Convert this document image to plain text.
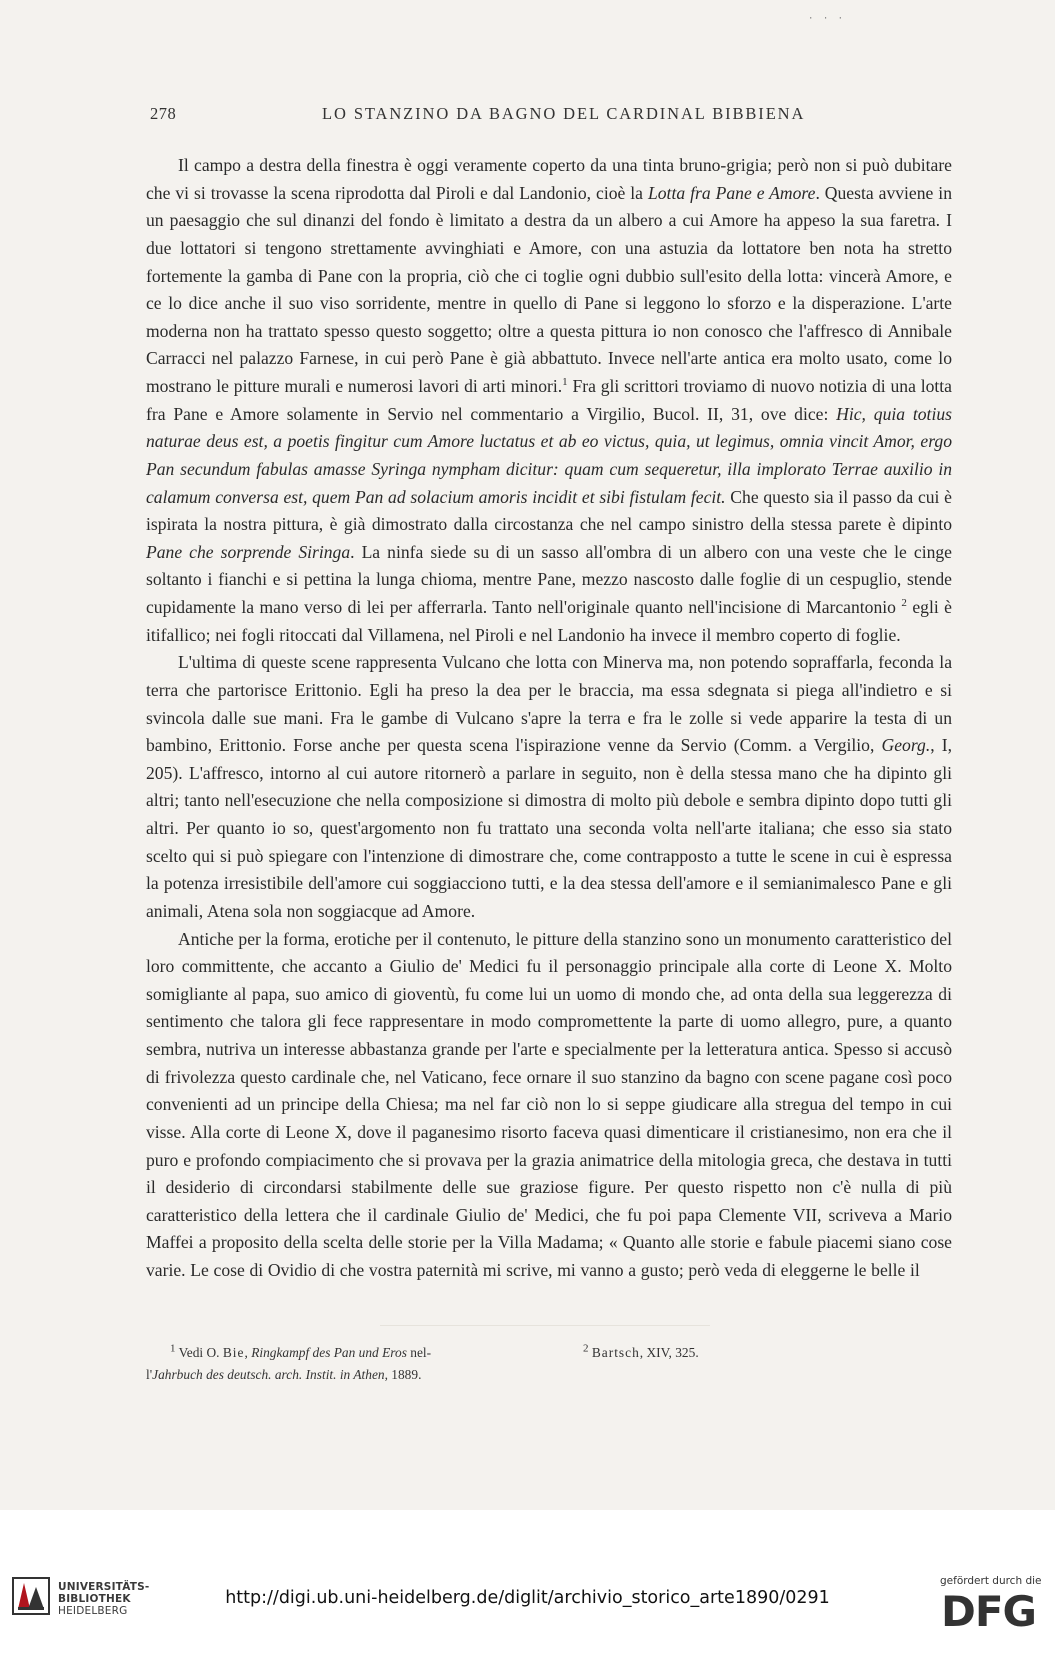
· · ·
278	LO STANZINO DA BAGNO DEL CARDINAL BIBBIENA

Il campo a destra della finestra è oggi veramente coperto da una tinta bruno-grigia; però non si può dubitare che vi si trovasse la scena riprodotta dal Piroli e dal Landonio, cioè la Lotta fra Pane e Amore. Questa avviene in un paesaggio che sul dinanzi del fondo è limitato a destra da un albero a cui Amore ha appeso la sua faretra. I due lottatori si tengono strettamente avvinghiati e Amore, con una astuzia da lottatore ben nota ha stretto fortemente la gamba di Pane con la propria, ciò che ci toglie ogni dubbio sull'esito della lotta: vincerà Amore, e ce lo dice anche il suo viso sorridente, mentre in quello di Pane si leggono lo sforzo e la disperazione. L'arte moderna non ha trattato spesso questo soggetto; oltre a questa pittura io non conosco che l'affresco di Annibale Carracci nel palazzo Farnese, in cui però Pane è già abbattuto. Invece nell'arte antica era molto usato, come lo mostrano le pitture murali e numerosi lavori di arti minori.$^1$ Fra gli scrittori troviamo di nuovo notizia di una lotta fra Pane e Amore solamente in Servio nel commentario a Virgilio, Bucol. II, 31, ove dice: Hic, quia totius naturae deus est, a poetis fingitur cum Amore luctatus et ab eo victus, quia, ut legimus, omnia vincit Amor, ergo Pan secundum fabulas amasse Syringa nympham dicitur: quam cum sequeretur, illa implorato Terrae auxilio in calamum conversa est, quem Pan ad solacium amoris incidit et sibi fistulam fecit. Che questo sia il passo da cui è ispirata la nostra pittura, è già dimostrato dalla circostanza che nel campo sinistro della stessa parete è dipinto Pane che sorprende Siringa. La ninfa siede su di un sasso all'ombra di un albero con una veste che le cinge soltanto i fianchi e si pettina la lunga chioma, mentre Pane, mezzo nascosto dalle foglie di un cespuglio, stende cupidamente la mano verso di lei per afferrarla. Tanto nell'originale quanto nell'incisione di Marcantonio $^2$ egli è itifallico; nei fogli ritoccati dal Villamena, nel Piroli e nel Landonio ha invece il membro coperto di foglie.

L'ultima di queste scene rappresenta Vulcano che lotta con Minerva ma, non potendo sopraffarla, feconda la terra che partorisce Erittonio. Egli ha preso la dea per le braccia, ma essa sdegnata si piega all'indietro e si svincola dalle sue mani. Fra le gambe di Vulcano s'apre la terra e fra le zolle si vede apparire la testa di un bambino, Erittonio. Forse anche per questa scena l'ispirazione venne da Servio (Comm. a Vergilio, Georg., I, 205). L'affresco, intorno al cui autore ritornerò a parlare in seguito, non è della stessa mano che ha dipinto gli altri; tanto nell'esecuzione che nella composizione si dimostra di molto più debole e sembra dipinto dopo tutti gli altri. Per quanto io so, quest'argomento non fu trattato una seconda volta nell'arte italiana; che esso sia stato scelto qui si può spiegare con l'intenzione di dimostrare che, come contrapposto a tutte le scene in cui è espressa la potenza irresistibile dell'amore cui soggiacciono tutti, e la dea stessa dell'amore e il semianimalesco Pane e gli animali, Atena sola non soggiacque ad Amore.

Antiche per la forma, erotiche per il contenuto, le pitture della stanzino sono un monumento caratteristico del loro committente, che accanto a Giulio de' Medici fu il personaggio principale alla corte di Leone X. Molto somigliante al papa, suo amico di gioventù, fu come lui un uomo di mondo che, ad onta della sua leggerezza di sentimento che talora gli fece rappresentare in modo compromettente la parte di uomo allegro, pure, a quanto sembra, nutriva un interesse abbastanza grande per l'arte e specialmente per la letteratura antica. Spesso si accusò di frivolezza questo cardinale che, nel Vaticano, fece ornare il suo stanzino da bagno con scene pagane così poco convenienti ad un principe della Chiesa; ma nel far ciò non lo si seppe giudicare alla stregua del tempo in cui visse. Alla corte di Leone X, dove il paganesimo risorto faceva quasi dimenticare il cristianesimo, non era che il puro e profondo compiacimento che si provava per la grazia animatrice della mitologia greca, che destava in tutti il desiderio di circondarsi stabilmente delle sue graziose figure. Per questo rispetto non c'è nulla di più caratteristico della lettera che il cardinale Giulio de' Medici, che fu poi papa Clemente VII, scriveva a Mario Maffei a proposito della scelta delle storie per la Villa Madama; « Quanto alle storie e fabule piacemi siano cose varie. Le cose di Ovidio di che vostra paternità mi scrive, mi vanno a gusto; però veda di eleggerne le belle il

$^1$ Vedi O. Bie, Ringkampf des Pan und Eros nel-
l'Jahrbuch des deutsch. arch. Instit. in Athen, 1889.
$^2$ Bartsch, XIV, 325.
UNIVERSITÄTS-
BIBLIOTHEK
HEIDELBERG
http://digi.ub.uni-heidelberg.de/diglit/archivio_storico_arte1890/0291
gefördert durch die
DFG
